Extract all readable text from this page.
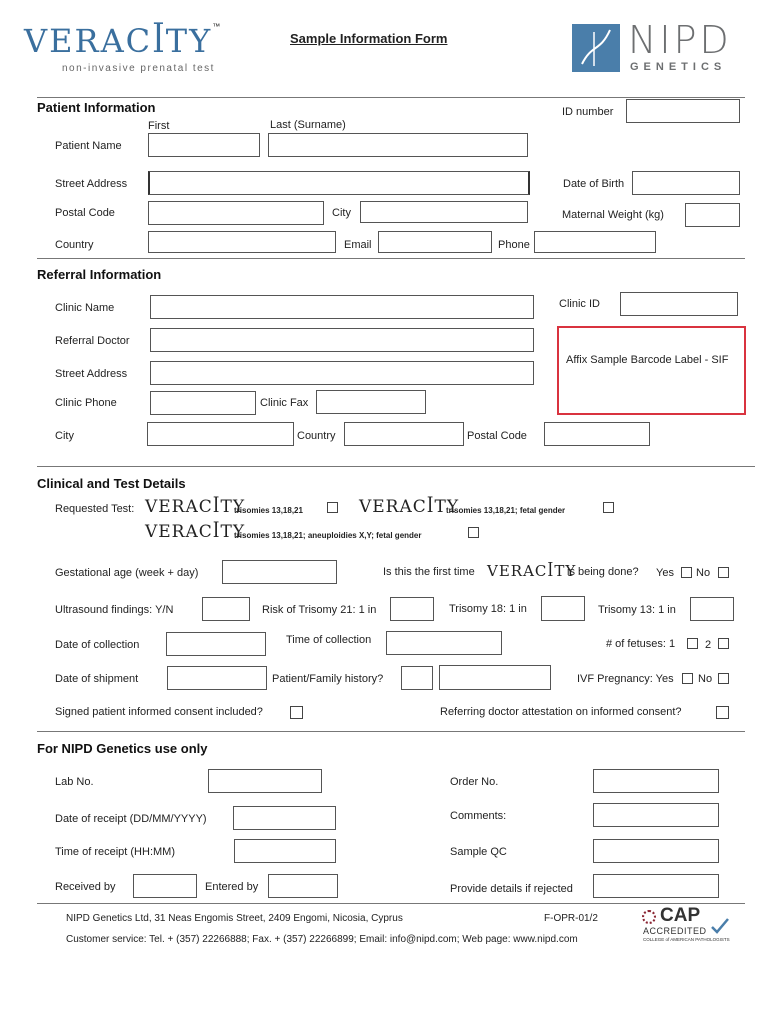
VERACꟾTY™
non-invasive prenatal test
Sample Information Form	NIPD
GENETICS
Patient Information
First	Last (Surname)
ID number
Patient Name
Street Address	Date of Birth
Postal Code	City	Maternal Weight (kg)
Country	Email	Phone
Referral Information
Clinic Name	Clinic ID
Referral Doctor
Affix Sample Barcode Label - SIF
Street Address
Clinic Phone	Clinic Fax
City	Country	Postal Code
Clinical and Test Details
Requested Test: VERACꟾTY
trisomies 13,18,21	VERACꟾTY
trisomies 13,18,21; fetal gender
VERACꟾTY
trisomies 13,18,21; aneuploidies X,Y; fetal gender
Gestational age (week + day)	Is this the first time VERACꟾTY
is being done? Yes No
Ultrasound findings: Y/N	Risk of Trisomy 21: 1 in	Trisomy 18: 1 in	Trisomy 13: 1 in
Date of collection	Time of collection	# of fetuses: 1	2
Date of shipment	Patient/Family history?	IVF Pregnancy: Yes No
Signed patient informed consent included?	Referring doctor attestation on informed consent?
For NIPD Genetics use only
Lab No.	Order No.
Date of receipt (DD/MM/YYYY)	Comments:
Time of receipt (HH:MM)	Sample QC
Received by	Entered by	Provide details if rejected
NIPD Genetics Ltd, 31 Neas Engomis Street, 2409 Engomi, Nicosia, Cyprus	F-OPR-01/2
Customer service: Tel. + (357) 22266888; Fax. + (357) 22266899; Email: info@nipd.com; Web page: www.nipd.com
CAP
ACCREDITED
COLLEGE of AMERICAN PATHOLOGISTS
